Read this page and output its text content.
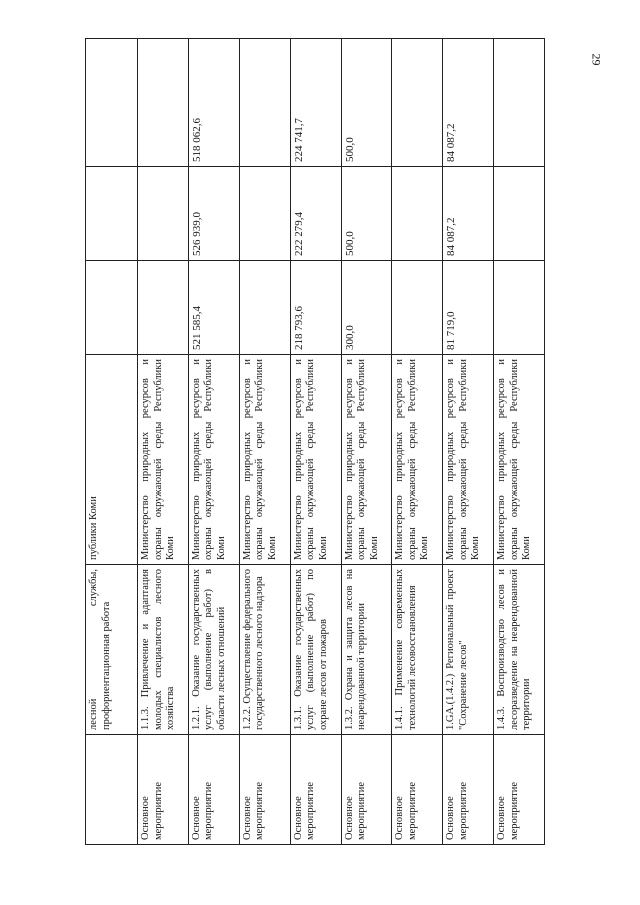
29
	лесной службы, профориентационная работа	публики Коми			
Основное мероприятие	1.1.3. Привлечение и адаптация молодых специалистов лесного хозяйства	Министерство природных ресурсов и охраны окружающей среды Республики Коми			
Основное мероприятие	1.2.1. Оказание государственных услуг (выполнение работ) в области лесных отношений	Министерство природных ресурсов и охраны окружающей среды Республики Коми	521 585,4	526 939,0	518 062,6
Основное мероприятие	1.2.2. Осуществление федерального государственного лесного надзора	Министерство природных ресурсов и охраны окружающей среды Республики Коми			
Основное мероприятие	1.3.1. Оказание государственных услуг (выполнение работ) по охране лесов от пожаров	Министерство природных ресурсов и охраны окружающей среды Республики Коми	218 793,6	222 279,4	224 741,7
Основное мероприятие	1.3.2. Охрана и защита лесов на неарендованной территории	Министерство природных ресурсов и охраны окружающей среды Республики Коми	300,0	500,0	500,0
Основное мероприятие	1.4.1. Применение современных технологий лесовосстановления	Министерство природных ресурсов и охраны окружающей среды Республики Коми			
Основное мероприятие	1.GA.(1.4.2.) Региональный проект "Сохранение лесов"	Министерство природных ресурсов и охраны окружающей среды Республики Коми	81 719,0	84 087,2	84 087,2
Основное мероприятие	1.4.3. Воспроизводство лесов и лесоразведение на неарендованной территории	Министерство природных ресурсов и охраны окружающей среды Республики Коми			
